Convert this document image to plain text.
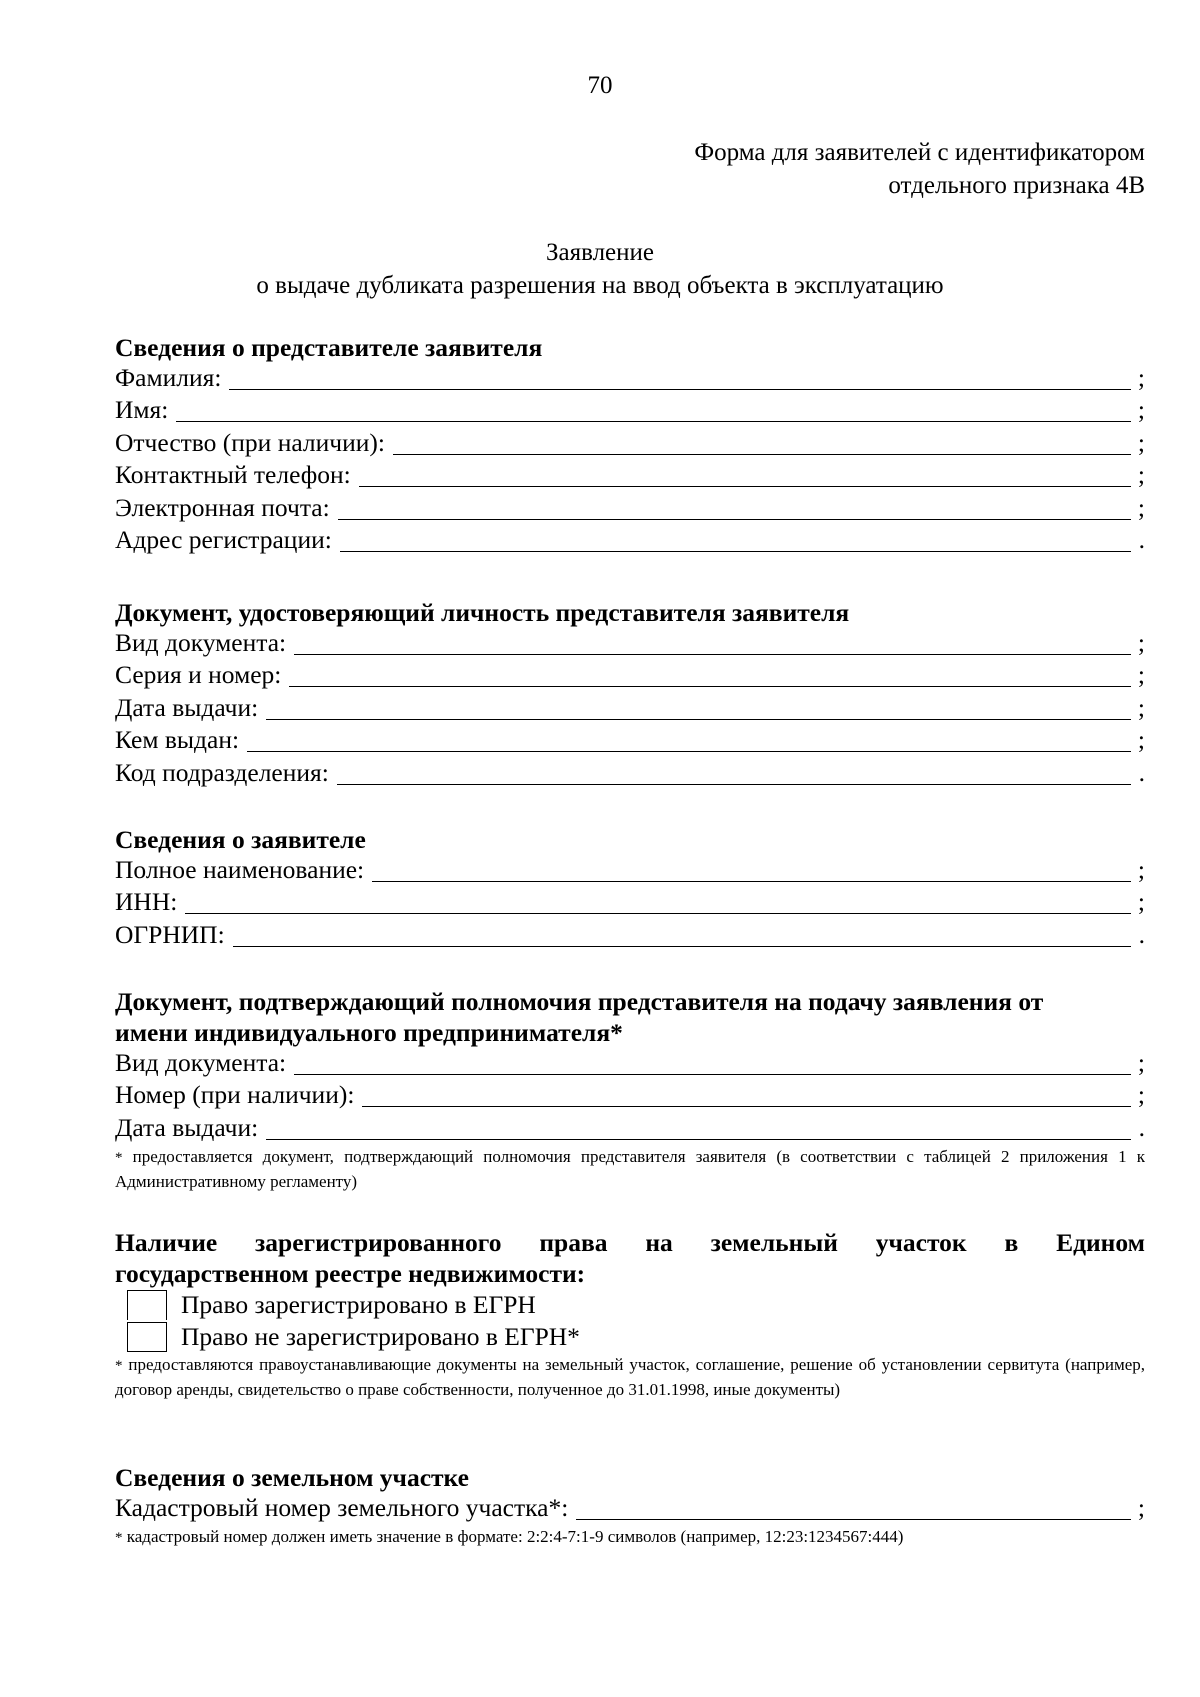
70
Форма для заявителей с идентификатором
отдельного признака 4В
Заявление
о выдаче дубликата разрешения на ввод объекта в эксплуатацию
Сведения о представителе заявителя
Фамилия:	;
Имя:	;
Отчество (при наличии):	;
Контактный телефон:	;
Электронная почта:	;
Адрес регистрации:	.
Документ, удостоверяющий личность представителя заявителя
Вид документа:	;
Серия и номер:	;
Дата выдачи:	;
Кем выдан:	;
Код подразделения:	.
Сведения о заявителе
Полное наименование:	;
ИНН:	;
ОГРНИП:	.
Документ, подтверждающий полномочия представителя на подачу заявления от
имени индивидуального предпринимателя*
Вид документа:	;
Номер (при наличии):	;
Дата выдачи:	.
* предоставляется документ, подтверждающий полномочия представителя заявителя (в соответствии с таблицей 2 приложения 1 к Административному регламенту)
Наличие зарегистрированного права на земельный участок в Едином
государственном реестре недвижимости:
Право зарегистрировано в ЕГРН
Право не зарегистрировано в ЕГРН*
* предоставляются правоустанавливающие документы на земельный участок, соглашение, решение об установлении сервитута (например, договор аренды, свидетельство о праве собственности, полученное до 31.01.1998, иные документы)
Сведения о земельном участке
Кадастровый номер земельного участка*:	;
* кадастровый номер должен иметь значение в формате: 2:2:4-7:1-9 символов (например, 12:23:1234567:444)
